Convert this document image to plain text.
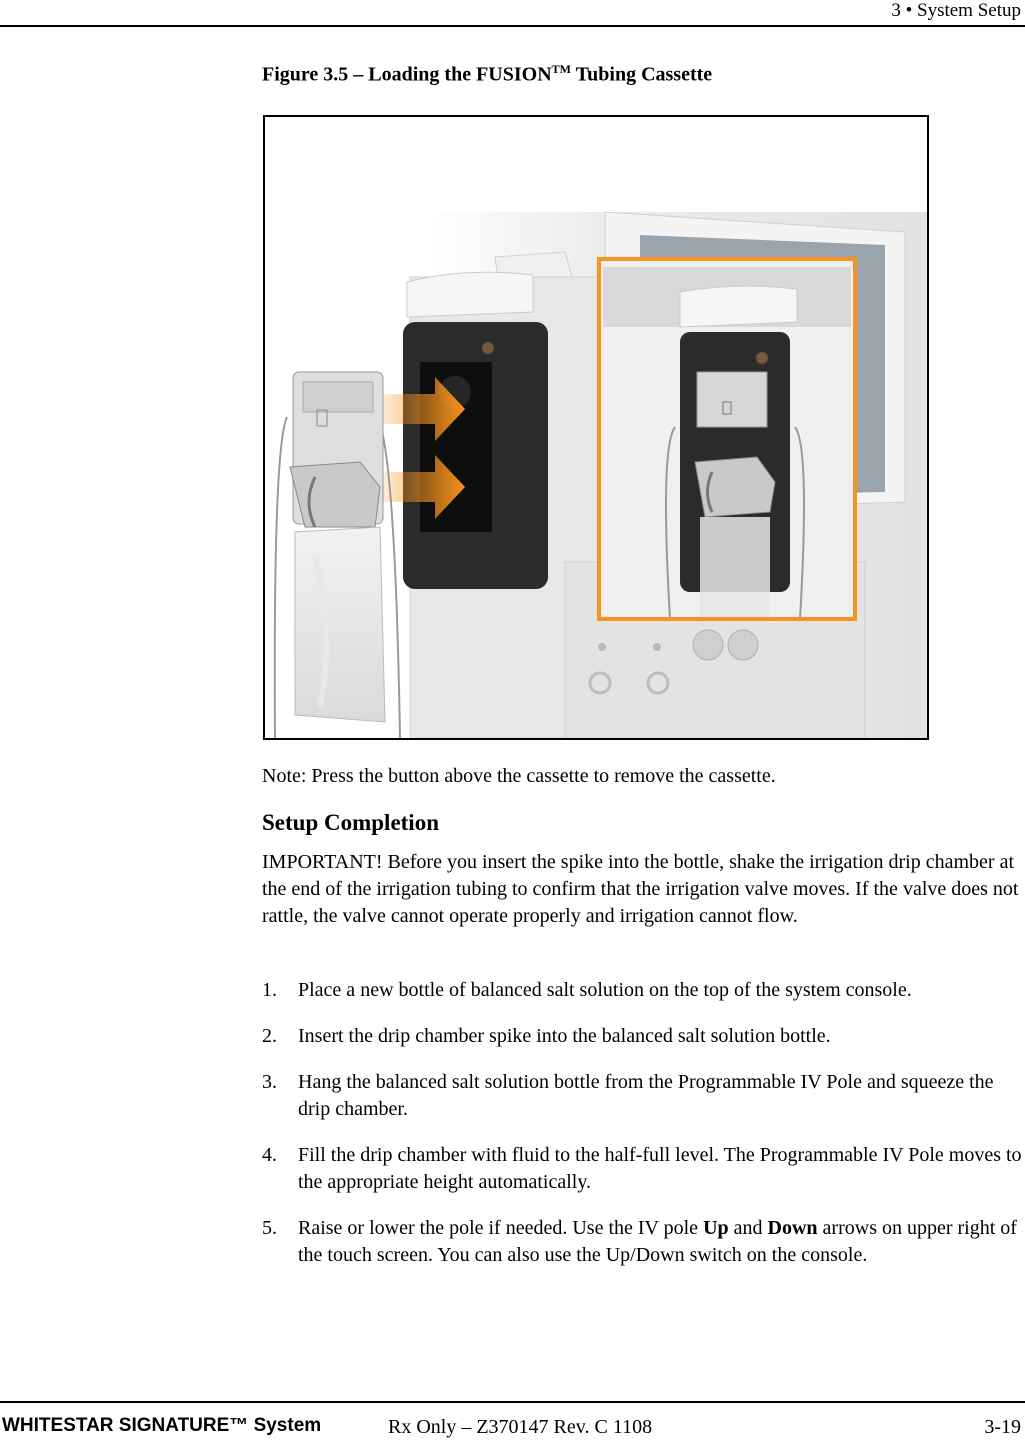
3 • System Setup
Figure 3.5 – Loading the FUSION™ Tubing Cassette
Note: Press the button above the cassette to remove the cassette.
Setup Completion
IMPORTANT! Before you insert the spike into the bottle, shake the irrigation drip chamber at the end of the irrigation tubing to confirm that the irrigation valve moves. If the valve does not rattle, the valve cannot operate properly and irrigation cannot flow.
1. Place a new bottle of balanced salt solution on the top of the system console.
2. Insert the drip chamber spike into the balanced salt solution bottle.
3. Hang the balanced salt solution bottle from the Programmable IV Pole and squeeze the drip chamber.
4. Fill the drip chamber with fluid to the half-full level. The Programmable IV Pole moves to the appropriate height automatically.
5. Raise or lower the pole if needed. Use the IV pole Up and Down arrows on upper right of the touch screen. You can also use the Up/Down switch on the console.
WHITESTAR SIGNATURE™ System	Rx Only – Z370147 Rev. C 1108	3-19
